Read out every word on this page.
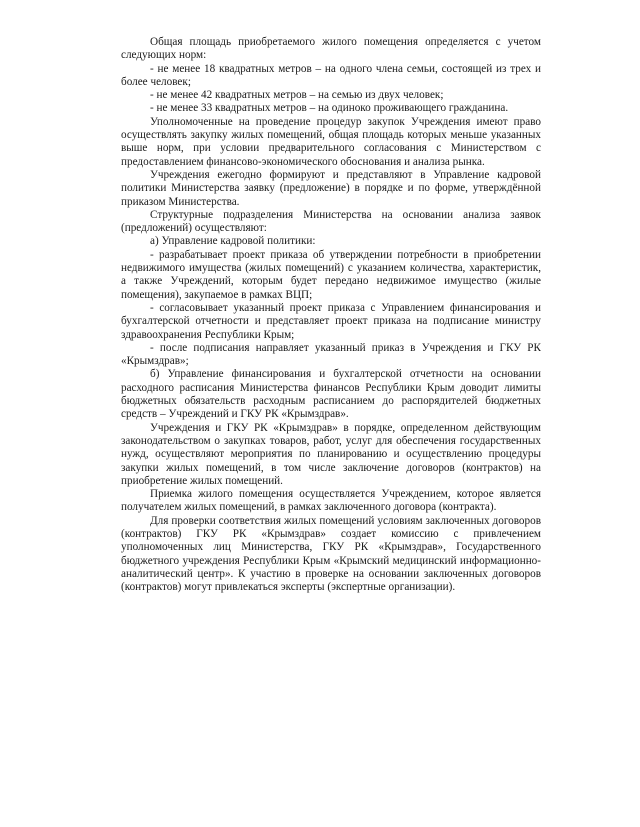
Общая площадь приобретаемого жилого помещения определяется с учетом следующих норм:

- не менее 18 квадратных метров – на одного члена семьи, состоящей из трех и более человек;

- не менее 42 квадратных метров – на семью из двух человек;

- не менее 33 квадратных метров – на одиноко проживающего гражданина.

Уполномоченные на проведение процедур закупок Учреждения имеют право осуществлять закупку жилых помещений, общая площадь которых меньше указанных выше норм, при условии предварительного согласования с Министерством с предоставлением финансово-экономического обоснования и анализа рынка.

Учреждения ежегодно формируют и представляют в Управление кадровой политики Министерства заявку (предложение) в порядке и по форме, утверждённой приказом Министерства.

Структурные подразделения Министерства на основании анализа заявок (предложений) осуществляют:

а) Управление кадровой политики:

- разрабатывает проект приказа об утверждении потребности в приобретении недвижимого имущества (жилых помещений) с указанием количества, характеристик, а также Учреждений, которым будет передано недвижимое имущество (жилые помещения), закупаемое в рамках ВЦП;

- согласовывает указанный проект приказа с Управлением финансирования и бухгалтерской отчетности и представляет проект приказа на подписание министру здравоохранения Республики Крым;

- после подписания направляет указанный приказ в Учреждения и ГКУ РК «Крымздрав»;

б) Управление финансирования и бухгалтерской отчетности на основании расходного расписания Министерства финансов Республики Крым доводит лимиты бюджетных обязательств расходным расписанием до распорядителей бюджетных средств – Учреждений и ГКУ РК «Крымздрав».

Учреждения и ГКУ РК «Крымздрав» в порядке, определенном действующим законодательством о закупках товаров, работ, услуг для обеспечения государственных нужд, осуществляют мероприятия по планированию и осуществлению процедуры закупки жилых помещений, в том числе заключение договоров (контрактов) на приобретение жилых помещений.

Приемка жилого помещения осуществляется Учреждением, которое является получателем жилых помещений, в рамках заключенного договора (контракта).

Для проверки соответствия жилых помещений условиям заключенных договоров (контрактов) ГКУ РК «Крымздрав» создает комиссию с привлечением уполномоченных лиц Министерства, ГКУ РК «Крымздрав», Государственного бюджетного учреждения Республики Крым «Крымский медицинский информационно-аналитический центр». К участию в проверке на основании заключенных договоров (контрактов) могут привлекаться эксперты (экспертные организации).
